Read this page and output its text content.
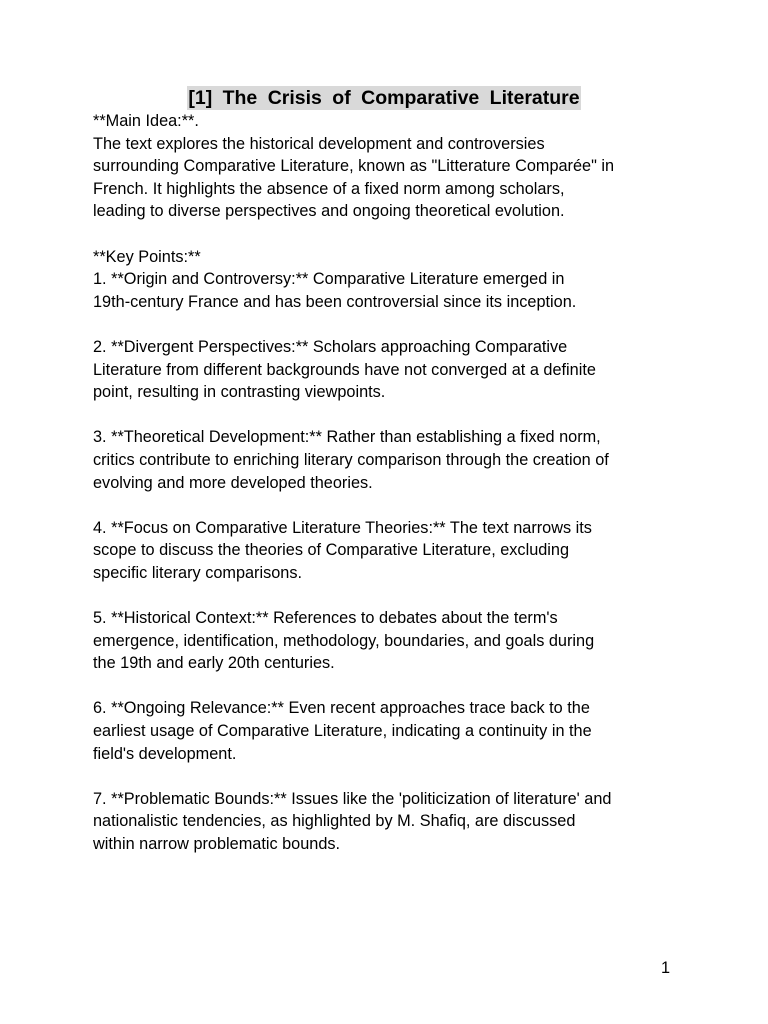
[1] The Crisis of Comparative Literature

**Main Idea:**.

The text explores the historical development and controversies

surrounding Comparative Literature, known as "Litterature Comparée" in

French. It highlights the absence of a fixed norm among scholars,

leading to diverse perspectives and ongoing theoretical evolution.

**Key Points:**

1. **Origin and Controversy:** Comparative Literature emerged in

19th-century France and has been controversial since its inception.

2. **Divergent Perspectives:** Scholars approaching Comparative

Literature from different backgrounds have not converged at a definite

point, resulting in contrasting viewpoints.

3. **Theoretical Development:** Rather than establishing a fixed norm,

critics contribute to enriching literary comparison through the creation of

evolving and more developed theories.

4. **Focus on Comparative Literature Theories:** The text narrows its

scope to discuss the theories of Comparative Literature, excluding

specific literary comparisons.

5. **Historical Context:** References to debates about the term's

emergence, identification, methodology, boundaries, and goals during

the 19th and early 20th centuries.

6. **Ongoing Relevance:** Even recent approaches trace back to the

earliest usage of Comparative Literature, indicating a continuity in the

field's development.

7. **Problematic Bounds:** Issues like the 'politicization of literature' and

nationalistic tendencies, as highlighted by M. Shafiq, are discussed

within narrow problematic bounds.

1
